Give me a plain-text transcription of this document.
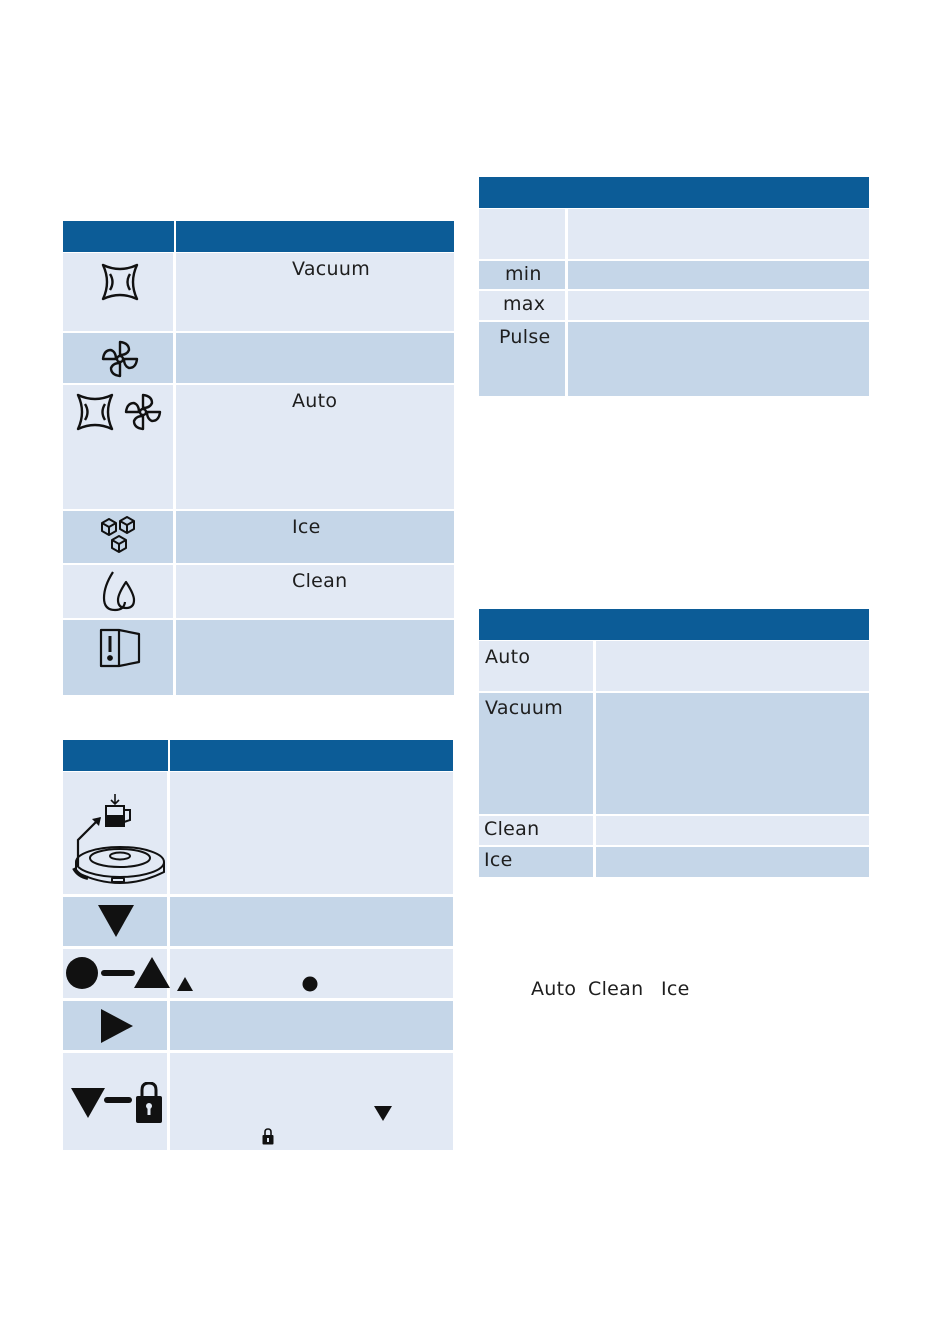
Vacuum
Auto
Ice
Clean
min
max
Pulse
Auto
Vacuum
Clean
Ice
Auto Clean Ice
